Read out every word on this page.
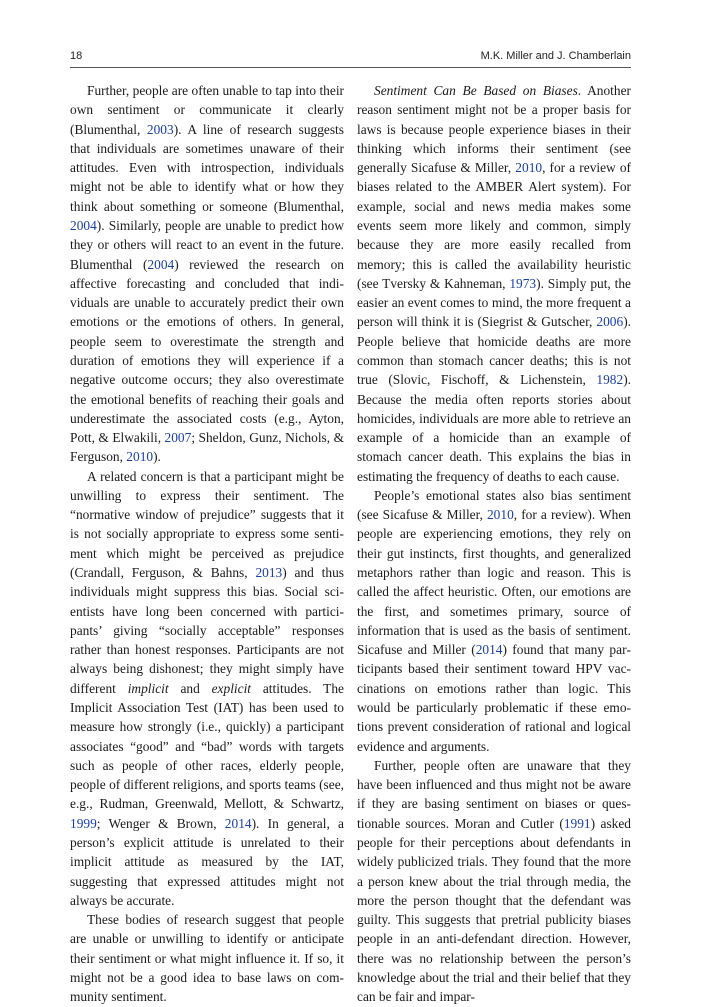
18	M.K. Miller and J. Chamberlain

Further, people are often unable to tap into their own sentiment or communicate it clearly (Blumenthal, 2003). A line of research suggests that individuals are sometimes unaware of their attitudes. Even with introspection, individuals might not be able to identify what or how they think about something or someone (Blumenthal, 2004). Similarly, people are unable to predict how they or others will react to an event in the future. Blumenthal (2004) reviewed the research on affective forecasting and concluded that individuals are unable to accurately predict their own emotions or the emotions of others. In general, people seem to overestimate the strength and duration of emotions they will experience if a negative outcome occurs; they also overestimate the emotional benefits of reaching their goals and underestimate the associated costs (e.g., Ayton, Pott, & Elwakili, 2007; Sheldon, Gunz, Nichols, & Ferguson, 2010).

A related concern is that a participant might be unwilling to express their sentiment. The “normative window of prejudice” suggests that it is not socially appropriate to express some sentiment which might be perceived as prejudice (Crandall, Ferguson, & Bahns, 2013) and thus individuals might suppress this bias. Social scientists have long been concerned with participants’ giving “socially acceptable” responses rather than honest responses. Participants are not always being dishonest; they might simply have different implicit and explicit attitudes. The Implicit Association Test (IAT) has been used to measure how strongly (i.e., quickly) a participant associates “good” and “bad” words with targets such as people of other races, elderly people, people of different religions, and sports teams (see, e.g., Rudman, Greenwald, Mellott, & Schwartz, 1999; Wenger & Brown, 2014). In general, a person’s explicit attitude is unrelated to their implicit attitude as measured by the IAT, suggesting that expressed attitudes might not always be accurate.

These bodies of research suggest that people are unable or unwilling to identify or anticipate their sentiment or what might influence it. If so, it might not be a good idea to base laws on community sentiment.

Sentiment Can Be Based on Biases. Another reason sentiment might not be a proper basis for laws is because people experience biases in their thinking which informs their sentiment (see generally Sicafuse & Miller, 2010, for a review of biases related to the AMBER Alert system). For example, social and news media makes some events seem more likely and common, simply because they are more easily recalled from memory; this is called the availability heuristic (see Tversky & Kahneman, 1973). Simply put, the easier an event comes to mind, the more frequent a person will think it is (Siegrist & Gutscher, 2006). People believe that homicide deaths are more common than stomach cancer deaths; this is not true (Slovic, Fischoff, & Lichenstein, 1982). Because the media often reports stories about homicides, individuals are more able to retrieve an example of a homicide than an example of stomach cancer death. This explains the bias in estimating the frequency of deaths to each cause.

People’s emotional states also bias sentiment (see Sicafuse & Miller, 2010, for a review). When people are experiencing emotions, they rely on their gut instincts, first thoughts, and generalized metaphors rather than logic and reason. This is called the affect heuristic. Often, our emotions are the first, and sometimes primary, source of information that is used as the basis of sentiment. Sicafuse and Miller (2014) found that many participants based their sentiment toward HPV vaccinations on emotions rather than logic. This would be particularly problematic if these emotions prevent consideration of rational and logical evidence and arguments.

Further, people often are unaware that they have been influenced and thus might not be aware if they are basing sentiment on biases or questionable sources. Moran and Cutler (1991) asked people for their perceptions about defendants in widely publicized trials. They found that the more a person knew about the trial through media, the more the person thought that the defendant was guilty. This suggests that pretrial publicity biases people in an anti-defendant direction. However, there was no relationship between the person’s knowledge about the trial and their belief that they can be fair and impar-
